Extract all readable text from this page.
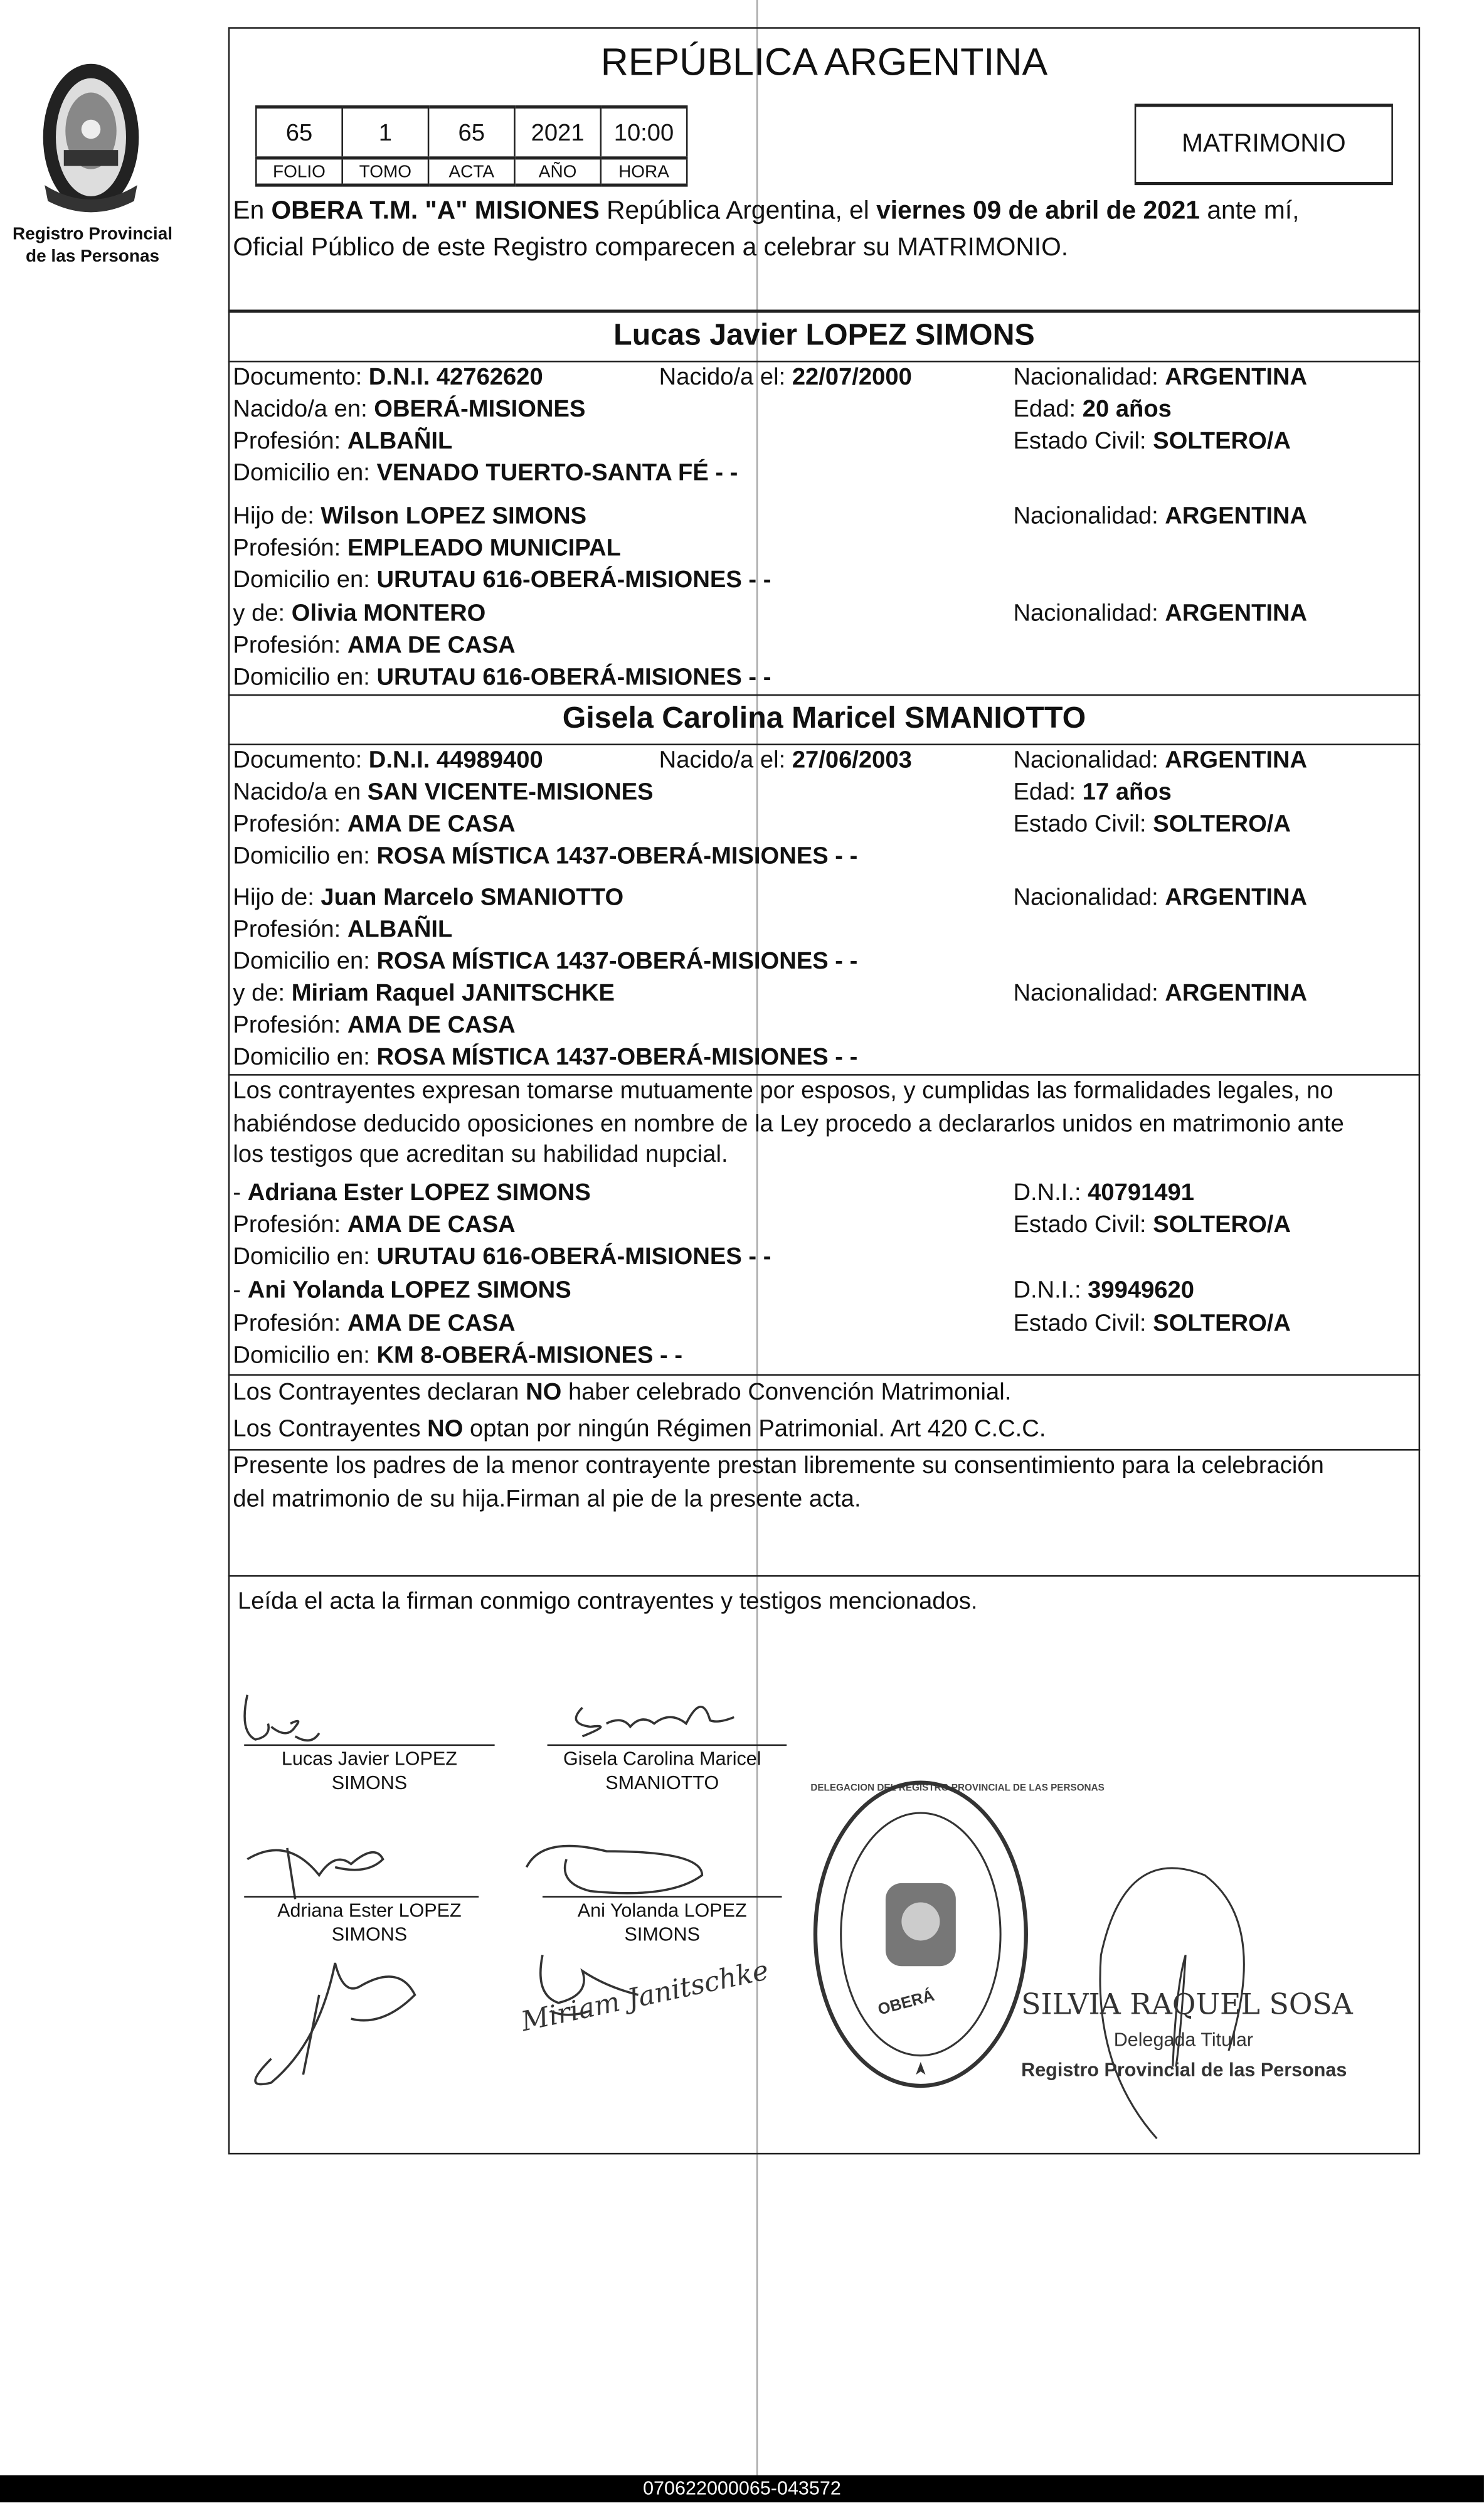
Registro Provincial
de las Personas
REPÚBLICA ARGENTINA
65	1	65	2021	10:00
FOLIO	TOMO	ACTA	AÑO	HORA
MATRIMONIO
En OBERA T.M. "A" MISIONES República Argentina, el viernes 09 de abril de 2021 ante mí,
Oficial Público de este Registro comparecen a celebrar su MATRIMONIO.
Lucas Javier LOPEZ SIMONS
Documento: D.N.I. 42762620	Nacido/a el: 22/07/2000	Nacionalidad: ARGENTINA
Nacido/a en: OBERÁ-MISIONES	Edad: 20 años
Profesión: ALBAÑIL	Estado Civil: SOLTERO/A
Domicilio en: VENADO TUERTO-SANTA FÉ - -
Hijo de: Wilson LOPEZ SIMONS	Nacionalidad: ARGENTINA
Profesión: EMPLEADO MUNICIPAL
Domicilio en: URUTAU 616-OBERÁ-MISIONES - -
y de: Olivia MONTERO	Nacionalidad: ARGENTINA
Profesión: AMA DE CASA
Domicilio en: URUTAU 616-OBERÁ-MISIONES - -
Gisela Carolina Maricel SMANIOTTO
Documento: D.N.I. 44989400	Nacido/a el: 27/06/2003	Nacionalidad: ARGENTINA
Nacido/a en SAN VICENTE-MISIONES	Edad: 17 años
Profesión: AMA DE CASA	Estado Civil: SOLTERO/A
Domicilio en: ROSA MÍSTICA 1437-OBERÁ-MISIONES - -
Hijo de: Juan Marcelo SMANIOTTO	Nacionalidad: ARGENTINA
Profesión: ALBAÑIL
Domicilio en: ROSA MÍSTICA 1437-OBERÁ-MISIONES - -
y de: Miriam Raquel JANITSCHKE	Nacionalidad: ARGENTINA
Profesión: AMA DE CASA
Domicilio en: ROSA MÍSTICA 1437-OBERÁ-MISIONES - -
Los contrayentes expresan tomarse mutuamente por esposos, y cumplidas las formalidades legales, no
habiéndose deducido oposiciones en nombre de la Ley procedo a declararlos unidos en matrimonio ante
los testigos que acreditan su habilidad nupcial.
- Adriana Ester LOPEZ SIMONS	D.N.I.: 40791491
Profesión: AMA DE CASA	Estado Civil: SOLTERO/A
Domicilio en: URUTAU 616-OBERÁ-MISIONES - -
- Ani Yolanda LOPEZ SIMONS	D.N.I.: 39949620
Profesión: AMA DE CASA	Estado Civil: SOLTERO/A
Domicilio en: KM 8-OBERÁ-MISIONES - -
Los Contrayentes declaran NO haber celebrado Convención Matrimonial.
Los Contrayentes NO optan por ningún Régimen Patrimonial. Art 420 C.C.C.
Presente los padres de la menor contrayente prestan libremente su consentimiento para la celebración
del matrimonio de su hija.Firman al pie de la presente acta.
Leída el acta la firman conmigo contrayentes y testigos mencionados.
Miriam Janitschke
Lucas Javier LOPEZ
SIMONS
Gisela Carolina Maricel
SMANIOTTO
Adriana Ester LOPEZ
SIMONS
Ani Yolanda LOPEZ
SIMONS
DELEGACION DEL REGISTRO PROVINCIAL DE LAS PERSONAS
OBERÁ	SILVIA RAQUEL SOSA
Delegada Titular
Registro Provincial de las Personas
070622000065-043572
